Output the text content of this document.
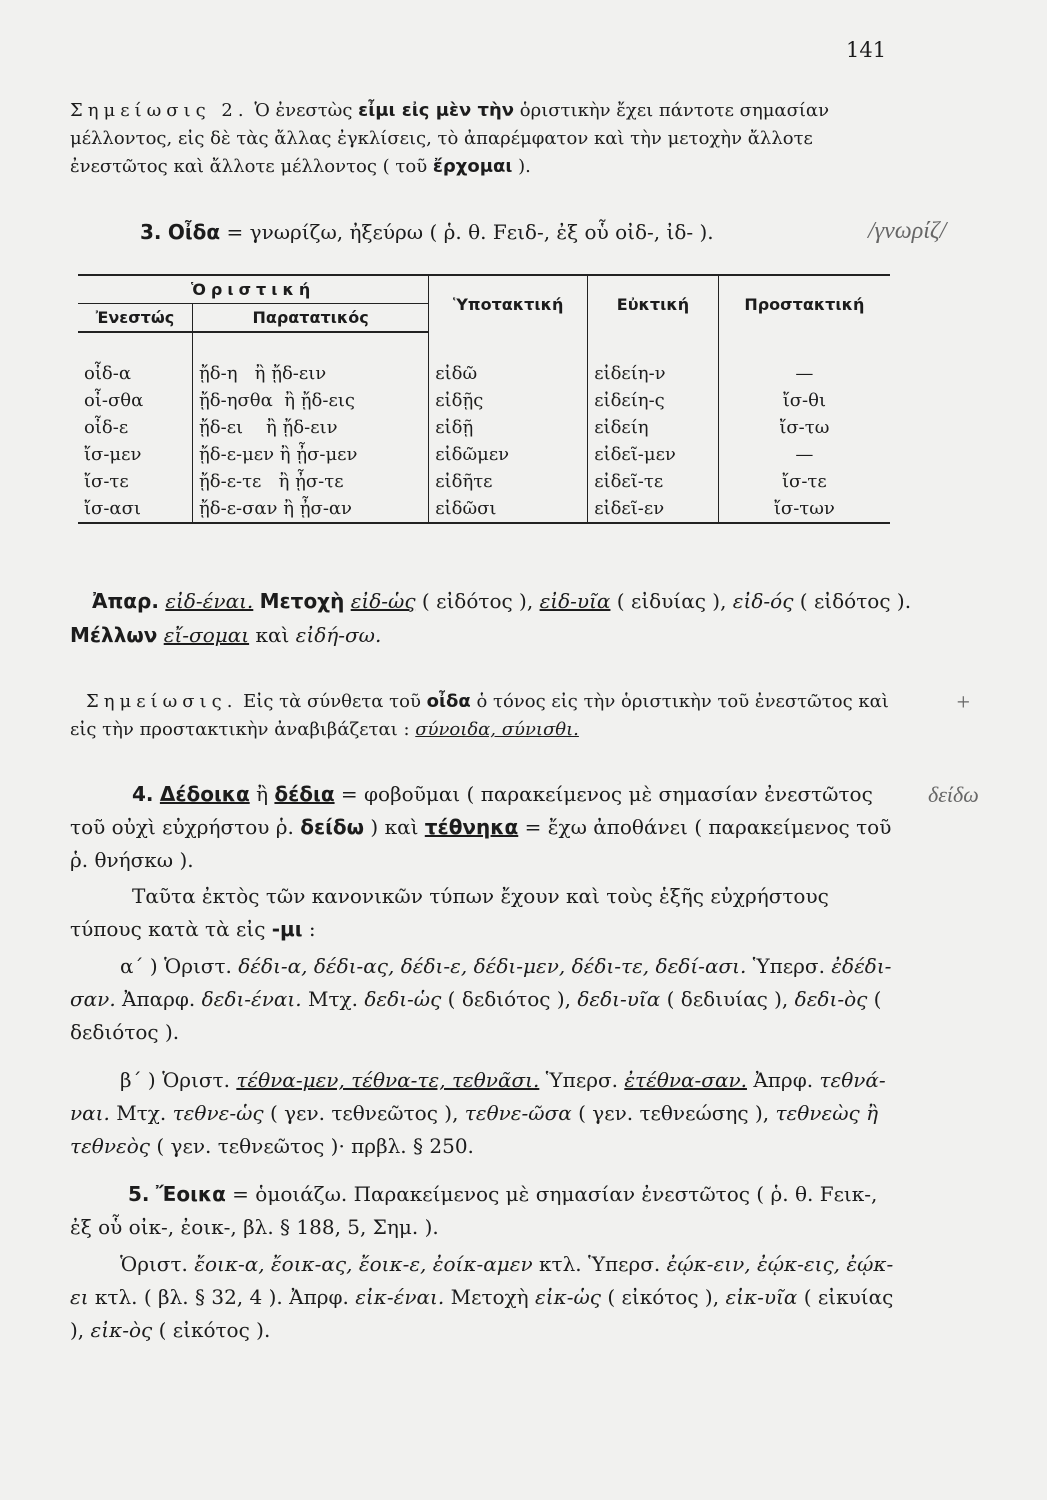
141
Σημείωσις 2. Ὁ ἐνεστὼς εἶμι εἰς μὲν τὴν ὁριστικὴν ἔχει πάντοτε σημασίαν μέλλοντος, εἰς δὲ τὰς ἄλλας ἐγκλίσεις, τὸ ἀπαρέμφατον καὶ τὴν μετοχὴν ἄλλοτε ἐνεστῶτος καὶ ἄλλοτε μέλλοντος ( τοῦ ἔρχομαι ).
3. Οἶδα = γνωρίζω, ἠξεύρω ( ῥ. θ. Fειδ-, ἐξ οὗ οἰδ-, ἰδ- ).	/γνωρίζ/
Ὁριστική		Ὑποτακτική	Εὐκτική	Προστακτική
Ἐνεστώς	Παρατατικός			

οἶδ-α	ᾔδ-η ἢ ᾔδ-ειν		εἰδῶ	εἰδείη-ν	—
οἶ-σθα	ᾔδ-ησθα ἢ ᾔδ-εις		εἰδῇς	εἰδείη-ς	ἴσ-θι
οἶδ-ε	ᾔδ-ει ἢ ᾔδ-ειν		εἰδῇ	εἰδείη	ἴσ-τω
ἴσ-μεν	ᾔδ-ε-μεν ἢ ᾖσ-μεν		εἰδῶμεν	εἰδεῖ-μεν	—
ἴσ-τε	ᾔδ-ε-τε ἢ ᾖσ-τε		εἰδῆτε	εἰδεῖ-τε	ἴσ-τε
ἴσ-ασι	ᾔδ-ε-σαν ἢ ᾖσ-αν		εἰδῶσι	εἰδεῖ-εν	ἴσ-των
Ἀπαρ. εἰδ-έναι. Μετοχὴ εἰδ-ὡς ( εἰδότος ), εἰδ-υῖα ( εἰδυίας ), εἰδ-ός ( εἰδότος ). Μέλλων εἴ-σομαι καὶ εἰδή-σω.
Σημείωσις. Εἰς τὰ σύνθετα τοῦ οἶδα ὁ τόνος εἰς τὴν ὁριστικὴν τοῦ ἐνεστῶτος καὶ εἰς τὴν προστακτικὴν ἀναβιβάζεται : σύνοιδα, σύνισθι.
+
4. Δέδοικα ἢ δέδια = φοβοῦμαι ( παρακείμενος μὲ σημασίαν ἐνεστῶτος τοῦ οὐχὶ εὐχρήστου ῥ. δείδω ) καὶ τέθνηκα = ἔχω ἀποθάνει ( παρακείμενος τοῦ ῥ. θνήσκω ).
δείδω
Ταῦτα ἐκτὸς τῶν κανονικῶν τύπων ἔχουν καὶ τοὺς ἑξῆς εὐχρήστους τύπους κατὰ τὰ εἰς -μι :
α΄ ) Ὁριστ. δέδι-α, δέδι-ας, δέδι-ε, δέδι-μεν, δέδι-τε, δεδί-ασι. Ὑπερσ. ἐδέδι-σαν. Ἀπαρφ. δεδι-έναι. Μτχ. δεδι-ὡς ( δεδιότος ), δεδι-υῖα ( δεδιυίας ), δεδι-ὸς ( δεδιότος ).
β΄ ) Ὁριστ. τέθνα-μεν, τέθνα-τε, τεθνᾶσι. Ὑπερσ. ἐτέθνα-σαν. Ἀπρφ. τεθνά-ναι. Μτχ. τεθνε-ὡς ( γεν. τεθνεῶτος ), τεθνε-ῶσα ( γεν. τεθνεώσης ), τεθνεὼς ἢ τεθνεὸς ( γεν. τεθνεῶτος )· πρβλ. § 250.
5. Ἔοικα = ὁμοιάζω. Παρακείμενος μὲ σημασίαν ἐνεστῶτος ( ῥ. θ. Fεικ-, ἐξ οὗ οἰκ-, ἐοικ-, βλ. § 188, 5, Σημ. ).
Ὁριστ. ἔοικ-α, ἔοικ-ας, ἔοικ-ε, ἐοίκ-αμεν κτλ. Ὑπερσ. ἐῴκ-ειν, ἐῴκ-εις, ἐῴκ-ει κτλ. ( βλ. § 32, 4 ). Ἀπρφ. εἰκ-έναι. Μετοχὴ εἰκ-ὡς ( εἰκότος ), εἰκ-υῖα ( εἰκυίας ), εἰκ-ὸς ( εἰκότος ).
